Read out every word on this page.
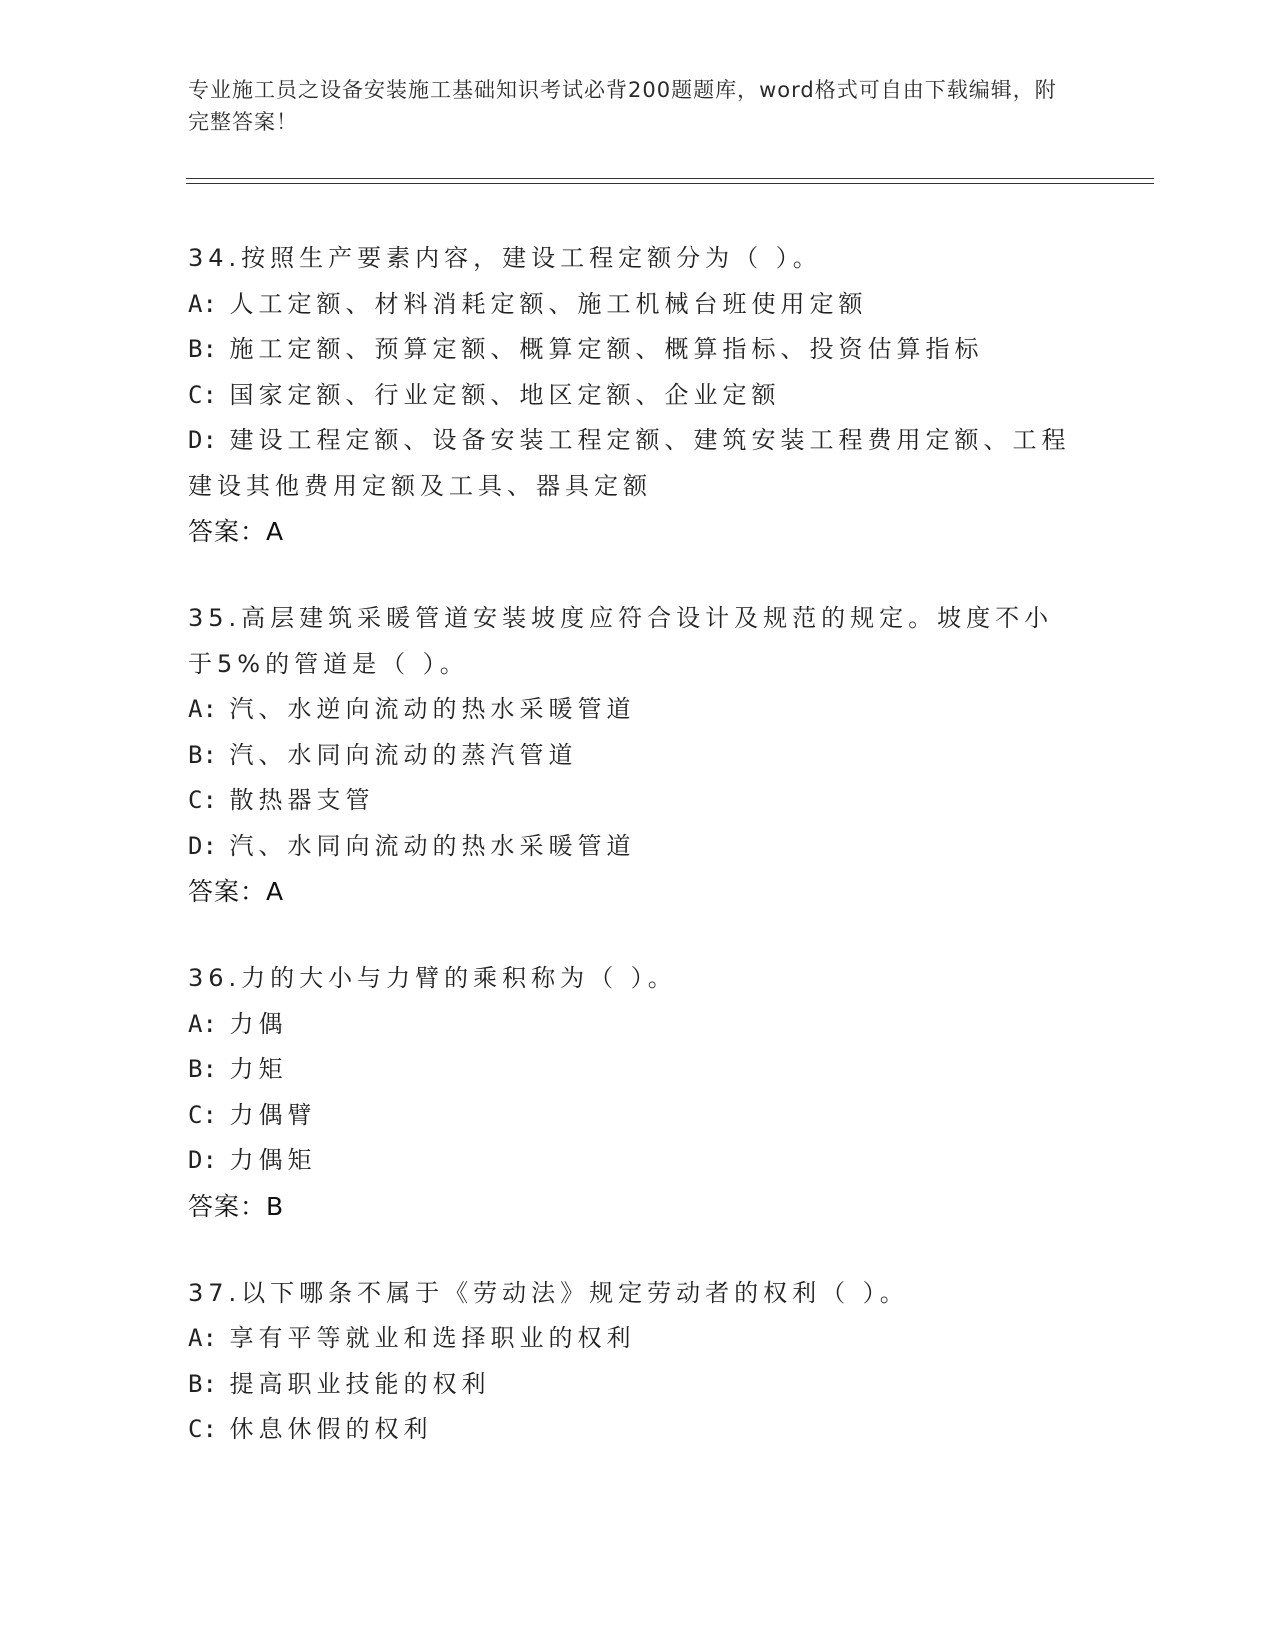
专业施工员之设备安装施工基础知识考试必背200题题库，word格式可自由下载编辑，附完整答案！
34.按照生产要素内容，建设工程定额分为（ ）。
A: 人工定额、材料消耗定额、施工机械台班使用定额
B: 施工定额、预算定额、概算定额、概算指标、投资估算指标
C: 国家定额、行业定额、地区定额、企业定额
D: 建设工程定额、设备安装工程定额、建筑安装工程费用定额、工程建设其他费用定额及工具、器具定额
答案：A
35.高层建筑采暖管道安装坡度应符合设计及规范的规定。坡度不小于5%的管道是（ ）。
A: 汽、水逆向流动的热水采暖管道
B: 汽、水同向流动的蒸汽管道
C: 散热器支管
D: 汽、水同向流动的热水采暖管道
答案：A
36.力的大小与力臂的乘积称为（ ）。
A: 力偶
B: 力矩
C: 力偶臂
D: 力偶矩
答案：B
37.以下哪条不属于《劳动法》规定劳动者的权利（ ）。
A: 享有平等就业和选择职业的权利
B: 提高职业技能的权利
C: 休息休假的权利
